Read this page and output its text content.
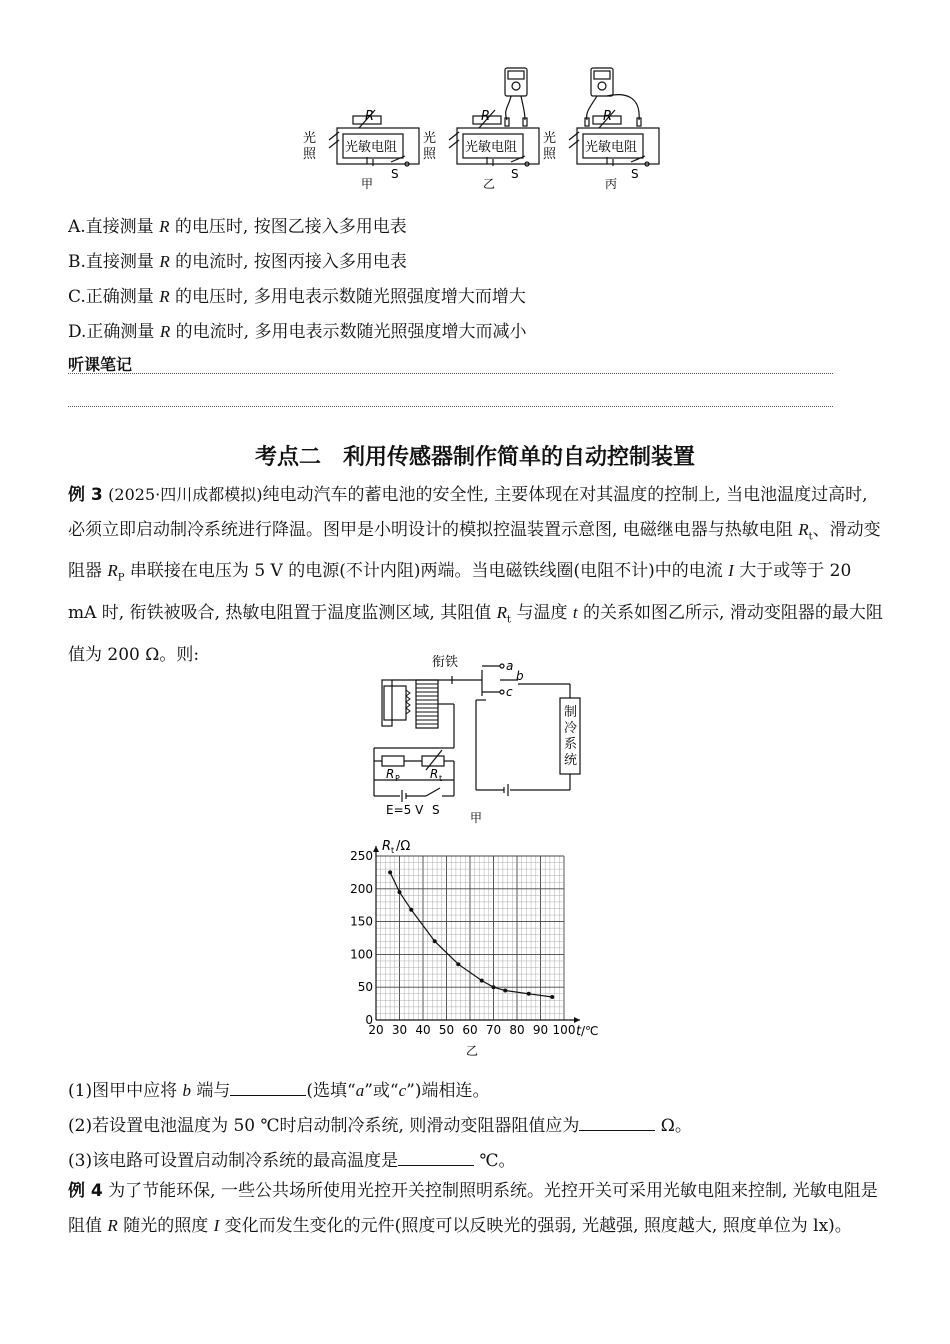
光
照 光敏电阻
R
S
甲
光
照 光敏电阻
R
S
乙
光
照 光敏电阻
R
S
丙
A.直接测量 R 的电压时, 按图乙接入多用电表
B.直接测量 R 的电流时, 按图丙接入多用电表
C.正确测量 R 的电压时, 多用电表示数随光照强度增大而增大
D.正确测量 R 的电流时, 多用电表示数随光照强度增大而减小
听课笔记
考点二　利用传感器制作简单的自动控制装置
例 3 (2025·四川成都模拟)纯电动汽车的蓄电池的安全性, 主要体现在对其温度的控制上, 当电池温度过高时, 必须立即启动制冷系统进行降温。图甲是小明设计的模拟控温装置示意图, 电磁继电器与热敏电阻 $R_t$、滑动变阻器 $R_P$ 串联接在电压为 5 V 的电源(不计内阻)两端。当电磁铁线圈(电阻不计)中的电流 I 大于或等于 20 mA 时, 衔铁被吸合, 热敏电阻置于温度监测区域, 其阻值 $R_t$ 与温度 t 的关系如图乙所示, 滑动变阻器的最大阻值为 200 Ω。则:	衔铁	a
b
c
制
冷
系
统
R P	R t
E=5 V S
甲
20 30 40 50 60 70 80 90 100
0
50
100
150
200
250
R t /Ω
t /℃
乙
(1)图甲中应将 b 端与	(选填“a”或“c”)端相连。
(2)若设置电池温度为 50 ℃时启动制冷系统, 则滑动变阻器阻值应为	Ω。
(3)该电路可设置启动制冷系统的最高温度是	℃。
例 4 为了节能环保, 一些公共场所使用光控开关控制照明系统。光控开关可采用光敏电阻来控制, 光敏电阻是阻值 R 随光的照度 I 变化而发生变化的元件(照度可以反映光的强弱, 光越强, 照度越大, 照度单位为 lx)。
